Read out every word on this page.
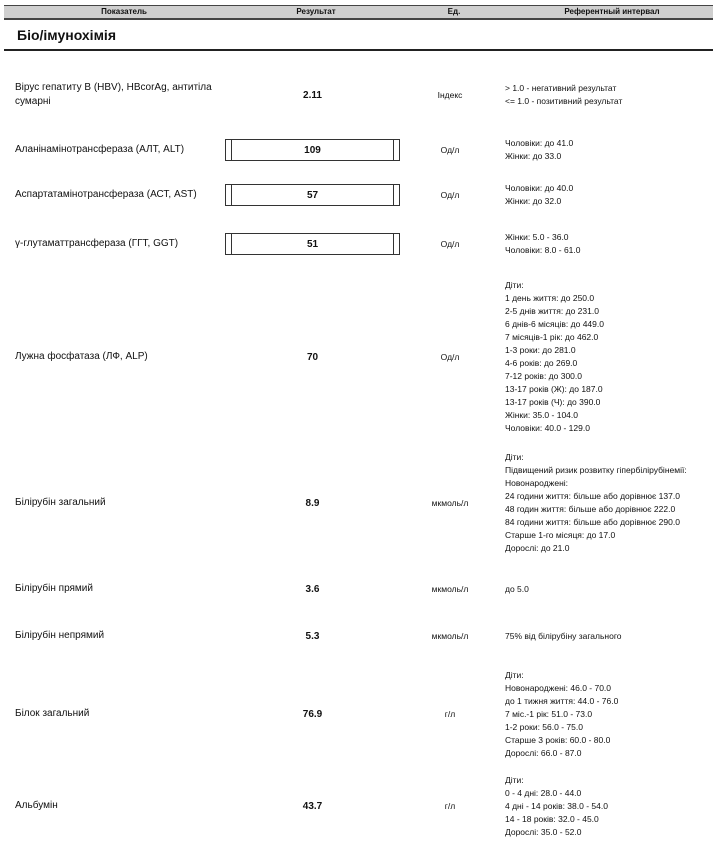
Показатель	Результат	Ед.	Референтный интервал
Біо/імунохімія
Вірус гепатиту В (HBV), HBcorAg, антитіла сумарні
2.11	Індекс
> 1.0 - негативний результат
<= 1.0 - позитивний результат
Аланінамінотрансфераза (АЛТ, ALT)	109	Од/л
Чоловіки: до 41.0
Жінки: до 33.0
Аспартатамінотрансфераза (АСТ, AST)	57	Од/л
Чоловіки: до 40.0
Жінки: до 32.0
γ-глутаматтрансфераза (ГГТ, GGT)	51	Од/л
Жінки: 5.0 - 36.0
Чоловіки: 8.0 - 61.0
Лужна фосфатаза (ЛФ, ALP)	70	Од/л
Діти:
1 день життя: до 250.0
2-5 днів життя: до 231.0
6 днів-6 місяців: до 449.0
7 місяців-1 рік: до 462.0
1-3 роки: до 281.0
4-6 років: до 269.0
7-12 років: до 300.0
13-17 років (Ж): до 187.0
13-17 років (Ч): до 390.0
Жінки: 35.0 - 104.0
Чоловіки: 40.0 - 129.0
Білірубін загальний	8.9	мкмоль/л
Діти:
Підвищений ризик розвитку гіпербілірубінемії:
Новонароджені:
24 години життя: більше або дорівнює 137.0
48 годин життя: більше або дорівнює 222.0
84 години життя: більше або дорівнює 290.0
Старше 1-го місяця: до 17.0
Дорослі: до 21.0
Білірубін прямий	3.6	мкмоль/л	до 5.0
Білірубін непрямий	5.3	мкмоль/л	75% від білірубіну загального
Білок загальний	76.9	г/л
Діти:
Новонароджені: 46.0 - 70.0
до 1 тижня життя: 44.0 - 76.0
7 міс.-1 рік: 51.0 - 73.0
1-2 роки: 56.0 - 75.0
Старше 3 років: 60.0 - 80.0
Дорослі: 66.0 - 87.0
Альбумін	43.7	г/л
Діти:
0 - 4 дні: 28.0 - 44.0
4 дні - 14 років: 38.0 - 54.0
14 - 18 років: 32.0 - 45.0
Дорослі: 35.0 - 52.0
